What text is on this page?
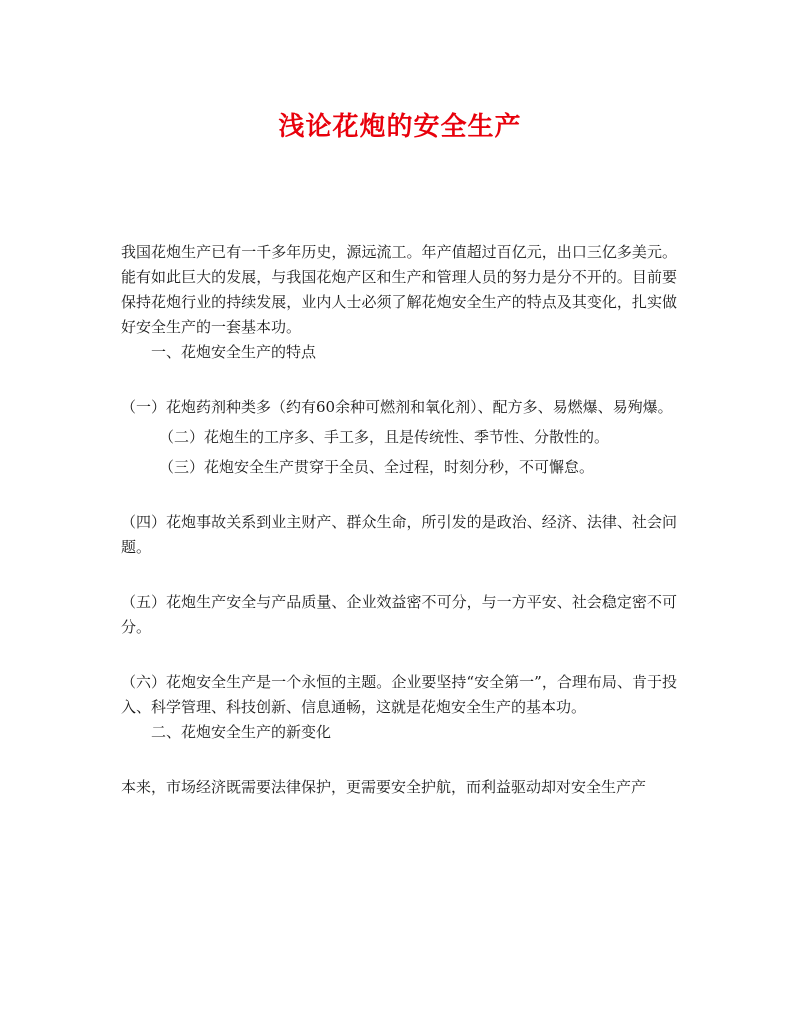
浅论花炮的安全生产

我国花炮生产已有一千多年历史，源远流工。年产值超过百亿元，出口三亿多美元。能有如此巨大的发展，与我国花炮产区和生产和管理人员的努力是分不开的。目前要保持花炮行业的持续发展，业内人士必须了解花炮安全生产的特点及其变化，扎实做好安全生产的一套基本功。

一、花炮安全生产的特点

（一）花炮药剂种类多（约有60余种可燃剂和氧化剂）、配方多、易燃爆、易殉爆。

（二）花炮生的工序多、手工多，且是传统性、季节性、分散性的。

（三）花炮安全生产贯穿于全员、全过程，时刻分秒，不可懈怠。

（四）花炮事故关系到业主财产、群众生命，所引发的是政治、经济、法律、社会问题。

（五）花炮生产安全与产品质量、企业效益密不可分，与一方平安、社会稳定密不可分。

（六）花炮安全生产是一个永恒的主题。企业要坚持“安全第一”，合理布局、肯于投入、科学管理、科技创新、信息通畅，这就是花炮安全生产的基本功。

二、花炮安全生产的新变化

本来，市场经济既需要法律保护，更需要安全护航，而利益驱动却对安全生产产
